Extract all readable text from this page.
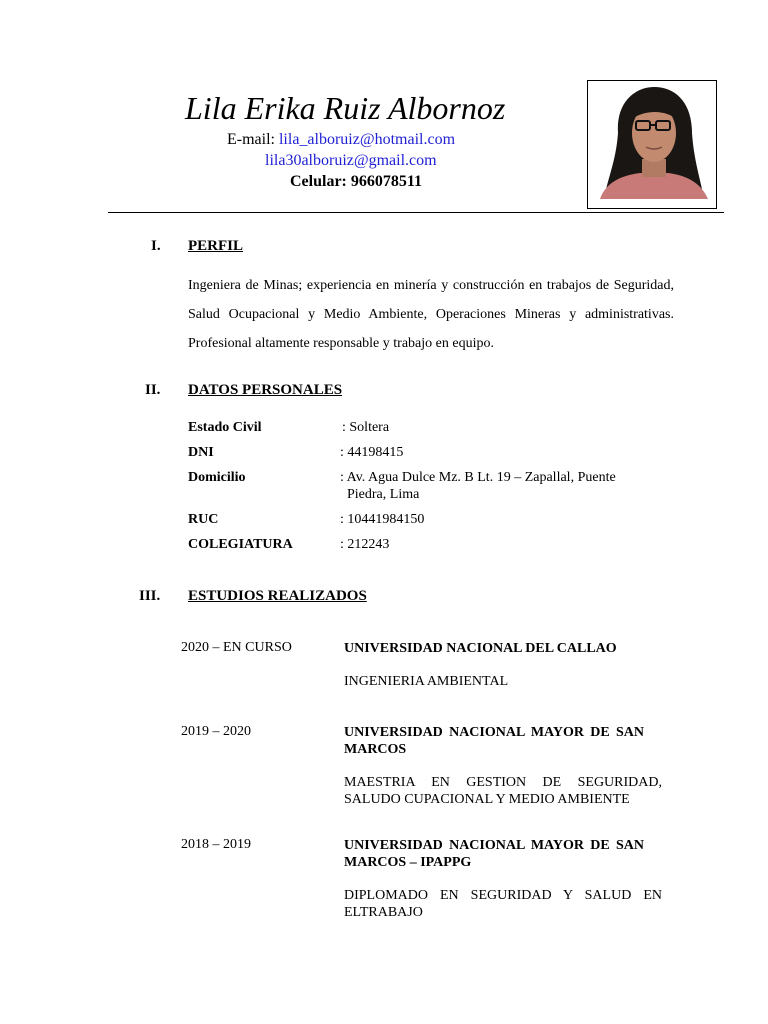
Lila Erika Ruiz Albornoz
E-mail: lila_alboruiz@hotmail.com
lila30alboruiz@gmail.com
Celular: 966078511
I. PERFIL
Ingeniera de Minas; experiencia en minería y construcción en trabajos de Seguridad, Salud Ocupacional y Medio Ambiente, Operaciones Mineras y administrativas. Profesional altamente responsable y trabajo en equipo.
II. DATOS PERSONALES
Estado Civil	: Soltera
DNI	: 44198415
Domicilio	: Av. Agua Dulce Mz. B Lt. 19 – Zapallal, Puente
Piedra, Lima
RUC	: 10441984150
COLEGIATURA	: 212243
III. ESTUDIOS REALIZADOS
2020 – EN CURSO	UNIVERSIDAD NACIONAL DEL CALLAO
INGENIERIA AMBIENTAL
2019 – 2020	UNIVERSIDAD NACIONAL MAYOR DE SAN MARCOS
MAESTRIA EN GESTION DE SEGURIDAD, SALUDO CUPACIONAL Y MEDIO AMBIENTE
2018 – 2019	UNIVERSIDAD NACIONAL MAYOR DE SAN MARCOS – IPAPPG
DIPLOMADO EN SEGURIDAD Y SALUD EN ELTRABAJO
